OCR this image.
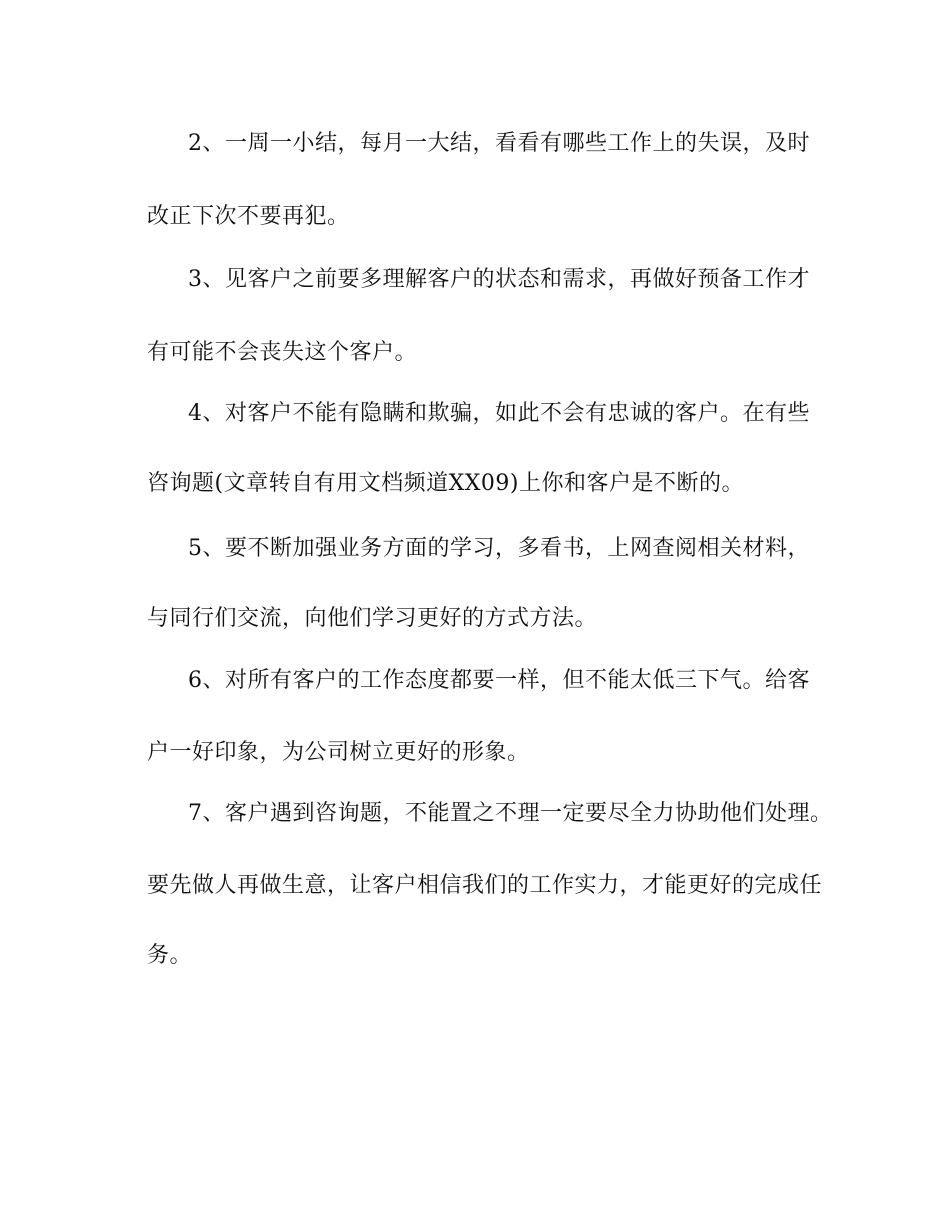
2、一周一小结，每月一大结，看看有哪些工作上的失误，及时
改正下次不要再犯。
3、见客户之前要多理解客户的状态和需求，再做好预备工作才
有可能不会丧失这个客户。
4、对客户不能有隐瞒和欺骗，如此不会有忠诚的客户。在有些
咨询题(文章转自有用文档频道XX09)上你和客户是不断的。
5、要不断加强业务方面的学习，多看书，上网查阅相关材料，
与同行们交流，向他们学习更好的方式方法。
6、对所有客户的工作态度都要一样，但不能太低三下气。给客
户一好印象，为公司树立更好的形象。
7、客户遇到咨询题，不能置之不理一定要尽全力协助他们处理。
要先做人再做生意，让客户相信我们的工作实力，才能更好的完成任
务。
